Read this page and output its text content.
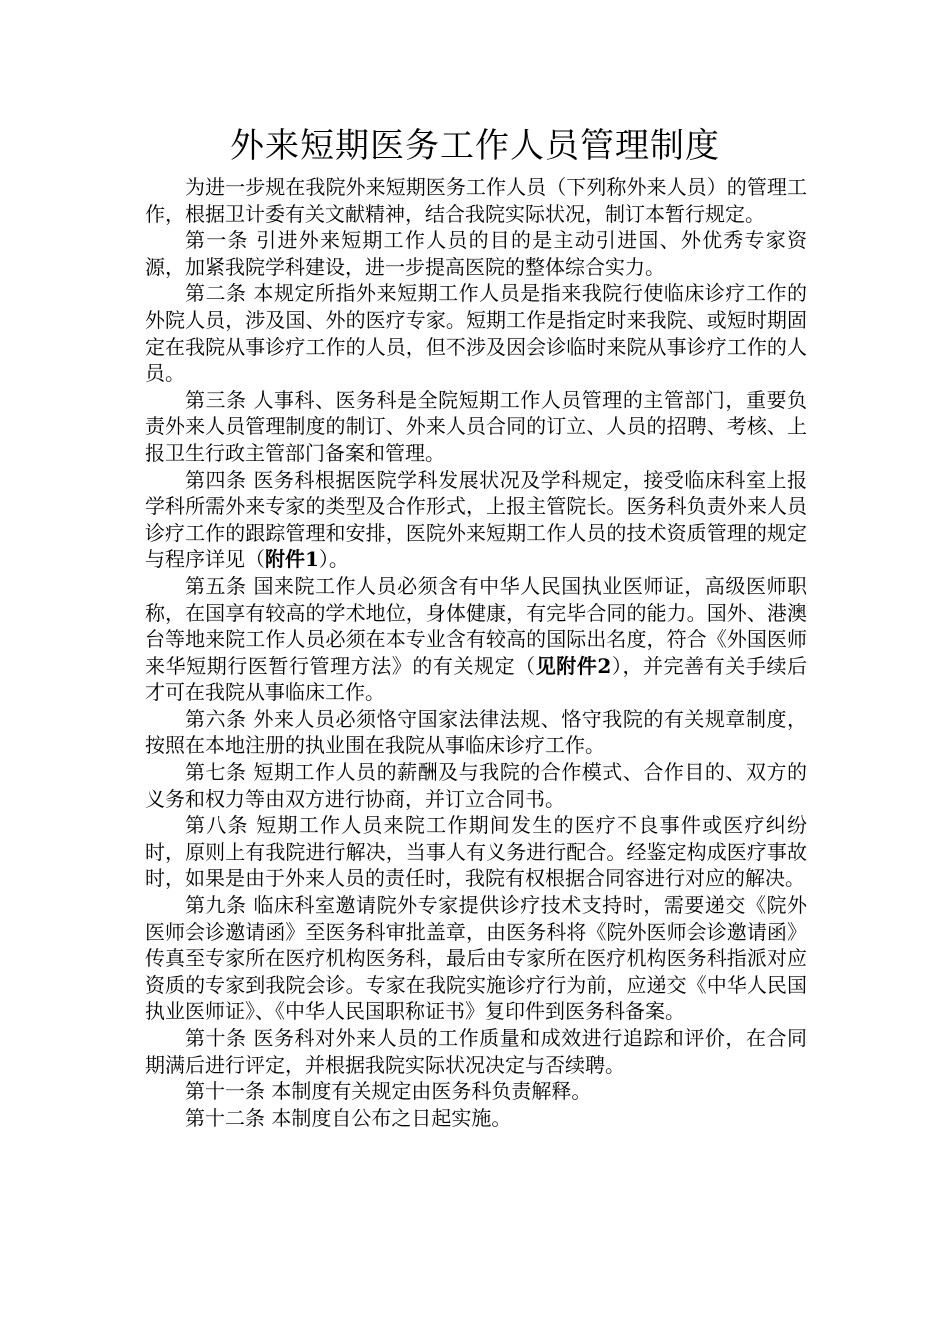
外来短期医务工作人员管理制度

为进一步规在我院外来短期医务工作人员（下列称外来人员）的管理工作，根据卫计委有关文献精神，结合我院实际状况，制订本暂行规定。

第一条 引进外来短期工作人员的目的是主动引进国、外优秀专家资源，加紧我院学科建设，进一步提高医院的整体综合实力。

第二条 本规定所指外来短期工作人员是指来我院行使临床诊疗工作的外院人员，涉及国、外的医疗专家。短期工作是指定时来我院、或短时期固定在我院从事诊疗工作的人员，但不涉及因会诊临时来院从事诊疗工作的人员。

第三条 人事科、医务科是全院短期工作人员管理的主管部门，重要负责外来人员管理制度的制订、外来人员合同的订立、人员的招聘、考核、上报卫生行政主管部门备案和管理。

第四条 医务科根据医院学科发展状况及学科规定，接受临床科室上报学科所需外来专家的类型及合作形式，上报主管院长。医务科负责外来人员诊疗工作的跟踪管理和安排，医院外来短期工作人员的技术资质管理的规定与程序详见（附件1）。

第五条 国来院工作人员必须含有中华人民国执业医师证，高级医师职称，在国享有较高的学术地位，身体健康，有完毕合同的能力。国外、港澳台等地来院工作人员必须在本专业含有较高的国际出名度，符合《外国医师来华短期行医暂行管理方法》的有关规定（见附件2），并完善有关手续后才可在我院从事临床工作。

第六条 外来人员必须恪守国家法律法规、恪守我院的有关规章制度，按照在本地注册的执业围在我院从事临床诊疗工作。

第七条 短期工作人员的薪酬及与我院的合作模式、合作目的、双方的义务和权力等由双方进行协商，并订立合同书。

第八条 短期工作人员来院工作期间发生的医疗不良事件或医疗纠纷时，原则上有我院进行解决，当事人有义务进行配合。经鉴定构成医疗事故时，如果是由于外来人员的责任时，我院有权根据合同容进行对应的解决。

第九条 临床科室邀请院外专家提供诊疗技术支持时，需要递交《院外医师会诊邀请函》至医务科审批盖章，由医务科将《院外医师会诊邀请函》传真至专家所在医疗机构医务科，最后由专家所在医疗机构医务科指派对应资质的专家到我院会诊。专家在我院实施诊疗行为前，应递交《中华人民国执业医师证》、《中华人民国职称证书》复印件到医务科备案。

第十条 医务科对外来人员的工作质量和成效进行追踪和评价，在合同期满后进行评定，并根据我院实际状况决定与否续聘。

第十一条 本制度有关规定由医务科负责解释。

第十二条 本制度自公布之日起实施。
